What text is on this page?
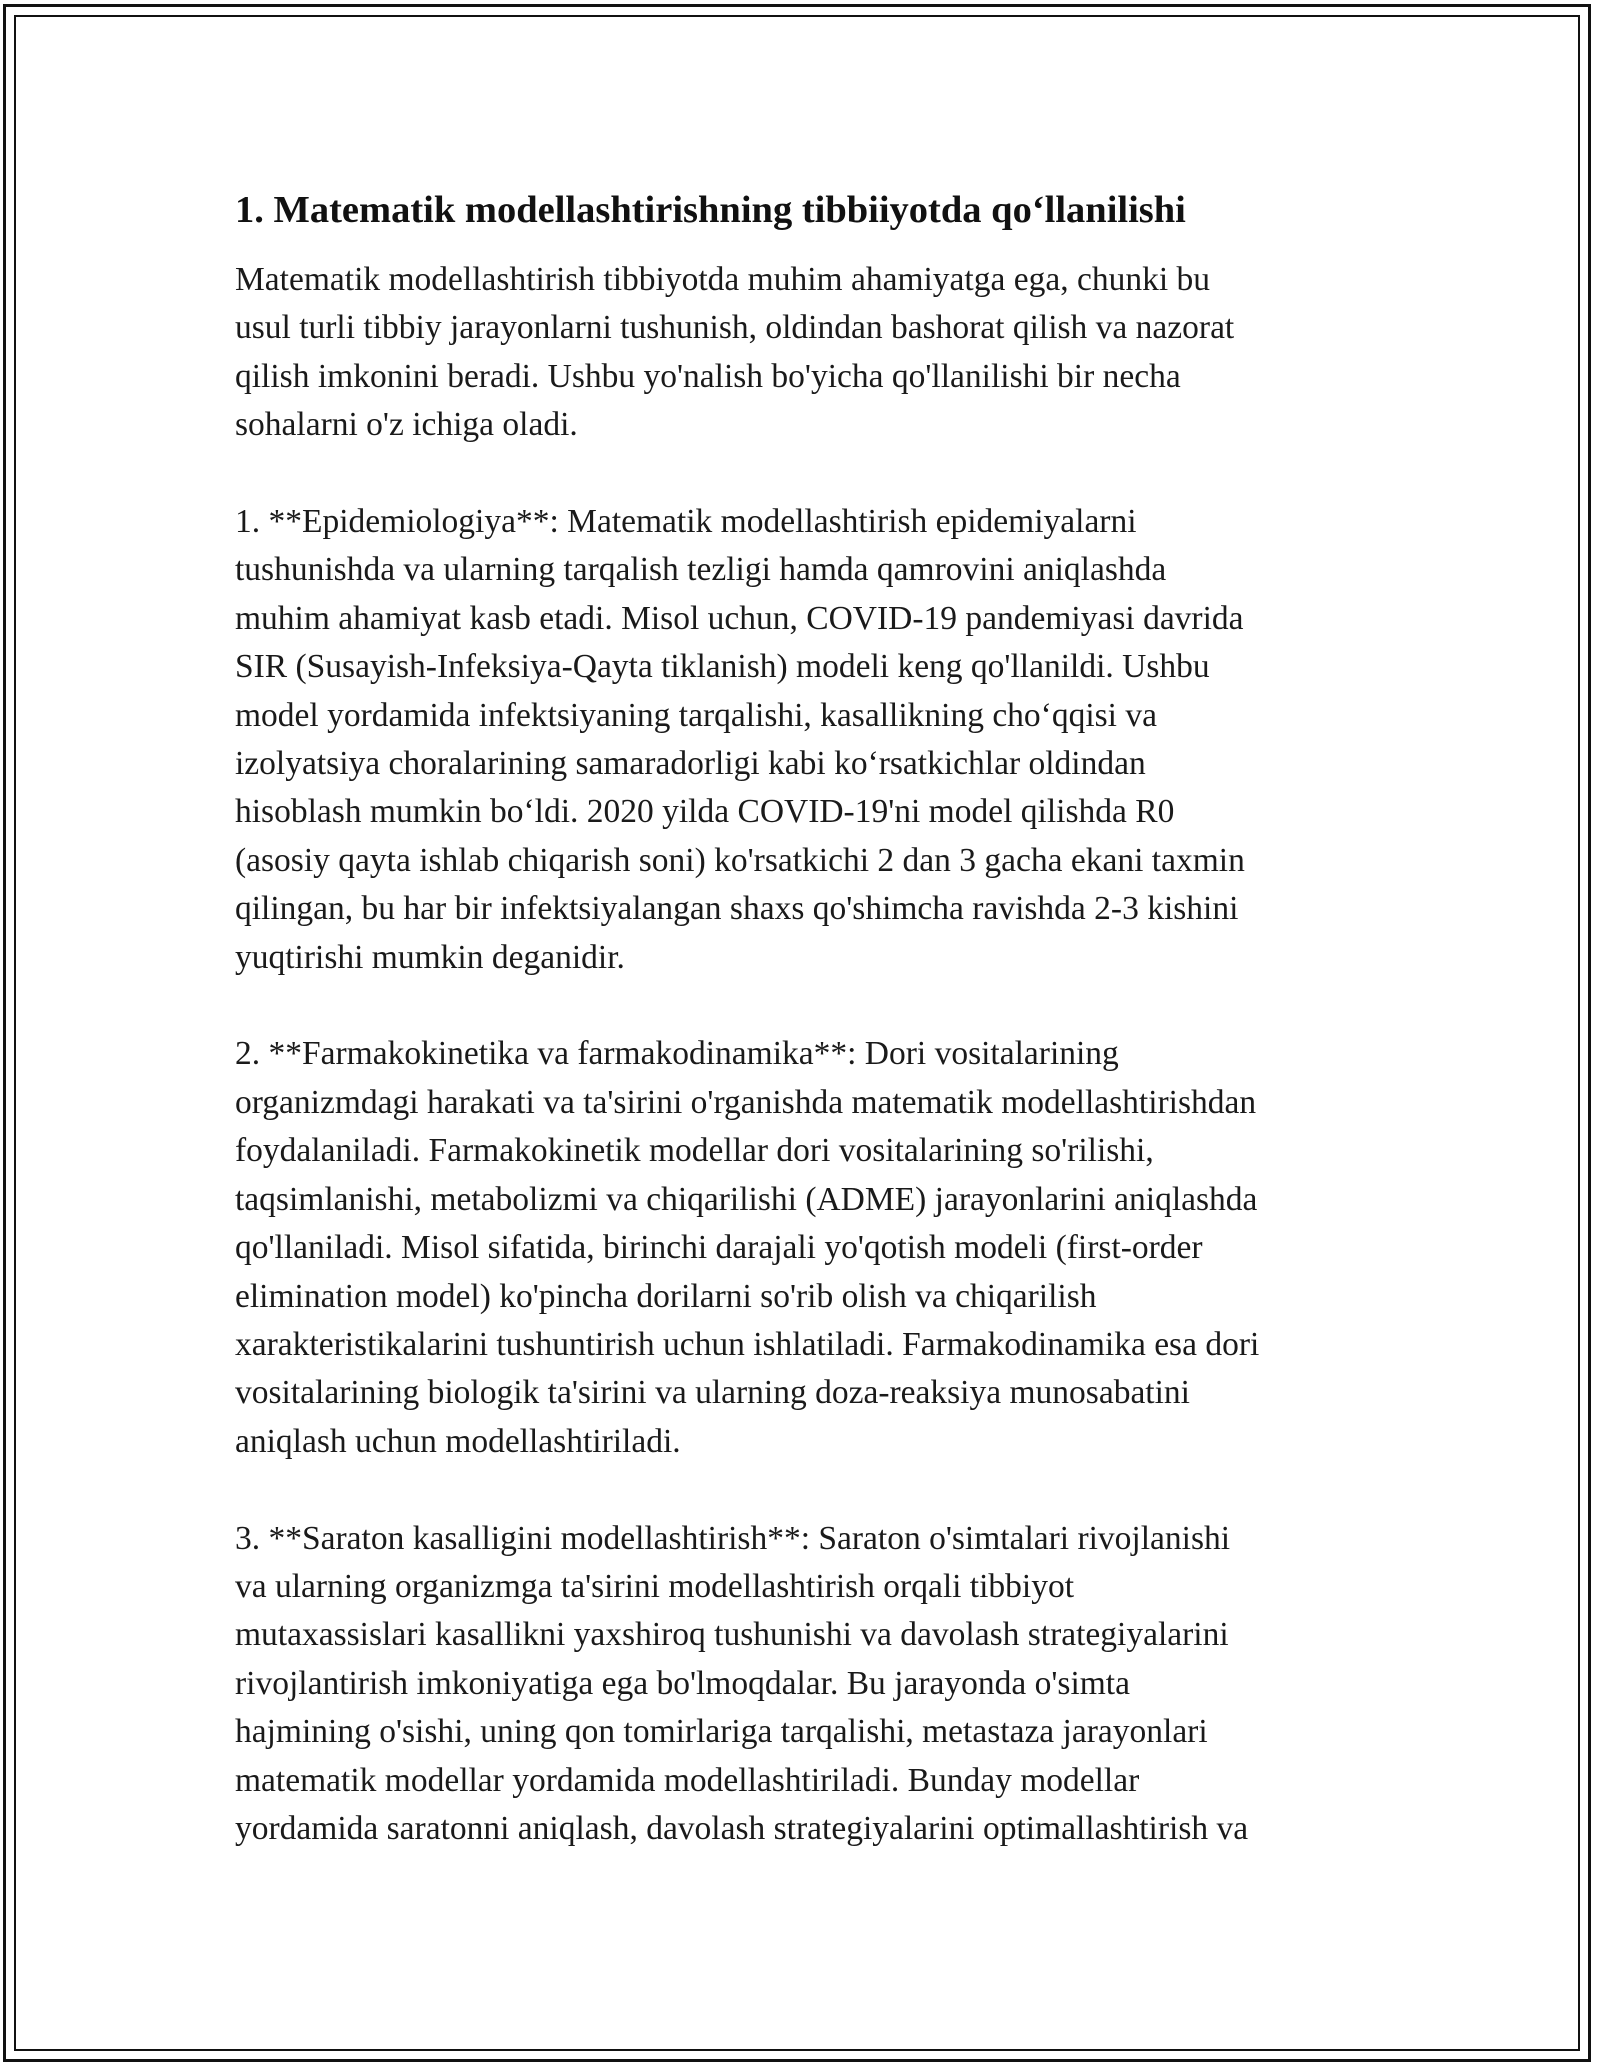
1. Matematik modellashtirishning tibbiiyotda qo‘llanilishi

Matematik modellashtirish tibbiyotda muhim ahamiyatga ega, chunki bu
usul turli tibbiy jarayonlarni tushunish, oldindan bashorat qilish va nazorat
qilish imkonini beradi. Ushbu yo'nalish bo'yicha qo'llanilishi bir necha
sohalarni o'z ichiga oladi.

1. **Epidemiologiya**: Matematik modellashtirish epidemiyalarni
tushunishda va ularning tarqalish tezligi hamda qamrovini aniqlashda
muhim ahamiyat kasb etadi. Misol uchun, COVID-19 pandemiyasi davrida
SIR (Susayish-Infeksiya-Qayta tiklanish) modeli keng qo'llanildi. Ushbu
model yordamida infektsiyaning tarqalishi, kasallikning cho‘qqisi va
izolyatsiya choralarining samaradorligi kabi ko‘rsatkichlar oldindan
hisoblash mumkin bo‘ldi. 2020 yilda COVID-19'ni model qilishda R0
(asosiy qayta ishlab chiqarish soni) ko'rsatkichi 2 dan 3 gacha ekani taxmin
qilingan, bu har bir infektsiyalangan shaxs qo'shimcha ravishda 2-3 kishini
yuqtirishi mumkin deganidir.

2. **Farmakokinetika va farmakodinamika**: Dori vositalarining
organizmdagi harakati va ta'sirini o'rganishda matematik modellashtirishdan
foydalaniladi. Farmakokinetik modellar dori vositalarining so'rilishi,
taqsimlanishi, metabolizmi va chiqarilishi (ADME) jarayonlarini aniqlashda
qo'llaniladi. Misol sifatida, birinchi darajali yo'qotish modeli (first-order
elimination model) ko'pincha dorilarni so'rib olish va chiqarilish
xarakteristikalarini tushuntirish uchun ishlatiladi. Farmakodinamika esa dori
vositalarining biologik ta'sirini va ularning doza-reaksiya munosabatini
aniqlash uchun modellashtiriladi.

3. **Saraton kasalligini modellashtirish**: Saraton o'simtalari rivojlanishi
va ularning organizmga ta'sirini modellashtirish orqali tibbiyot
mutaxassislari kasallikni yaxshiroq tushunishi va davolash strategiyalarini
rivojlantirish imkoniyatiga ega bo'lmoqdalar. Bu jarayonda o'simta
hajmining o'sishi, uning qon tomirlariga tarqalishi, metastaza jarayonlari
matematik modellar yordamida modellashtiriladi. Bunday modellar
yordamida saratonni aniqlash, davolash strategiyalarini optimallashtirish va
